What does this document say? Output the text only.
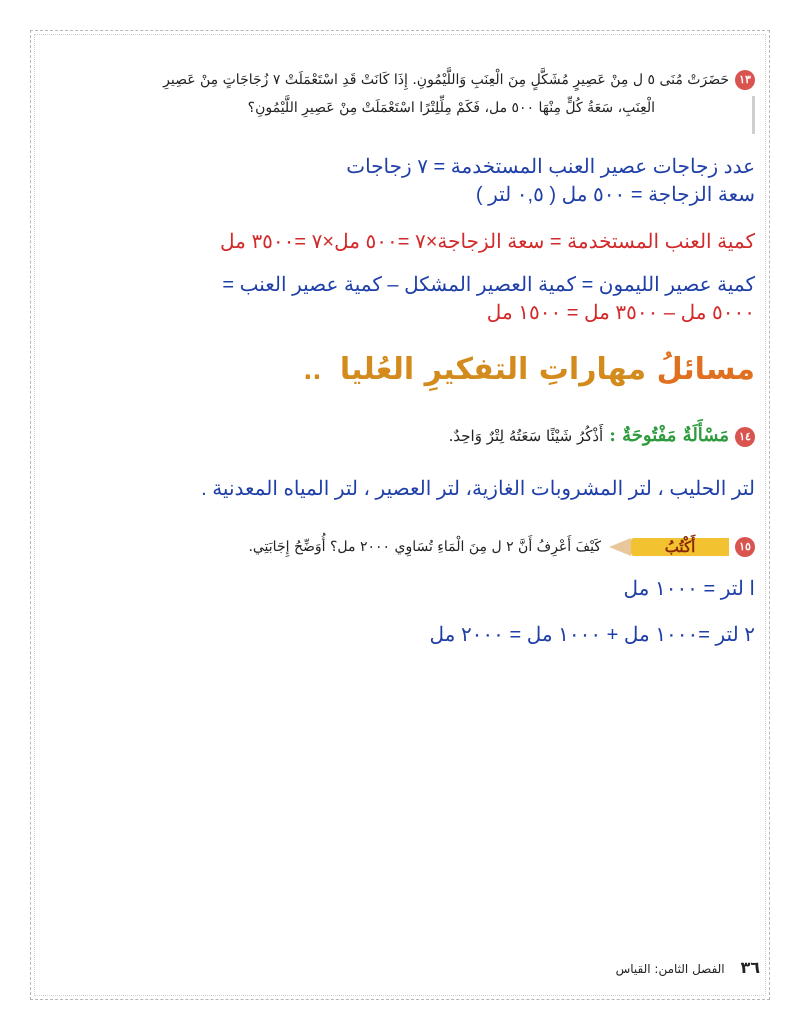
١٣حَضَرَتْ مُنَى ٥ ل مِنْ عَصِيرٍ مُشَكَّلٍ مِنَ الْعِنَبِ وَاللَّيْمُونِ. إِذَا كَانَتْ قَدِ اسْتَعْمَلَتْ ٧ زُجَاجَاتٍ مِنْ عَصِيرِ
الْعِنَبِ، سَعَةُ كُلٍّ مِنْهَا ٥٠٠ مل، فَكَمْ مِلِّلِتْرًا اسْتَعْمَلَتْ مِنْ عَصِيرِ اللَّيْمُونِ؟
عدد زجاجات عصير العنب المستخدمة = ٧ زجاجات
سعة الزجاجة = ٥٠٠ مل ( ٠,٥ لتر )
كمية العنب المستخدمة = سعة الزجاجة×٧ =٥٠٠ مل×٧ =٣٥٠٠ مل
كمية عصير الليمون = كمية العصير المشكل – كمية عصير العنب =
٥٠٠٠ مل – ٣٥٠٠ مل = ١٥٠٠ مل
مسائلُ مهاراتِ التفكيرِ العُليا ..
١٤مَسْأَلَةٌ مَفْتُوحَةٌ :أَذْكُرُ شَيْئًا سَعَتُهُ لِتْرٌ وَاحِدٌ.
لتر الحليب ، لتر المشروبات الغازية، لتر العصير ، لتر المياه المعدنية .
١٥
أَكْتُبُ
كَيْفَ أَعْرِفُ أَنَّ ٢ ل مِنَ الْمَاءِ تُسَاوِي ٢٠٠٠ مل؟ أُوَضِّحُ إِجَابَتِي.
ا لتر = ١٠٠٠ مل
٢ لتر =١٠٠٠ مل + ١٠٠٠ مل = ٢٠٠٠ مل
٣٦ الفصل الثامن: القياس
